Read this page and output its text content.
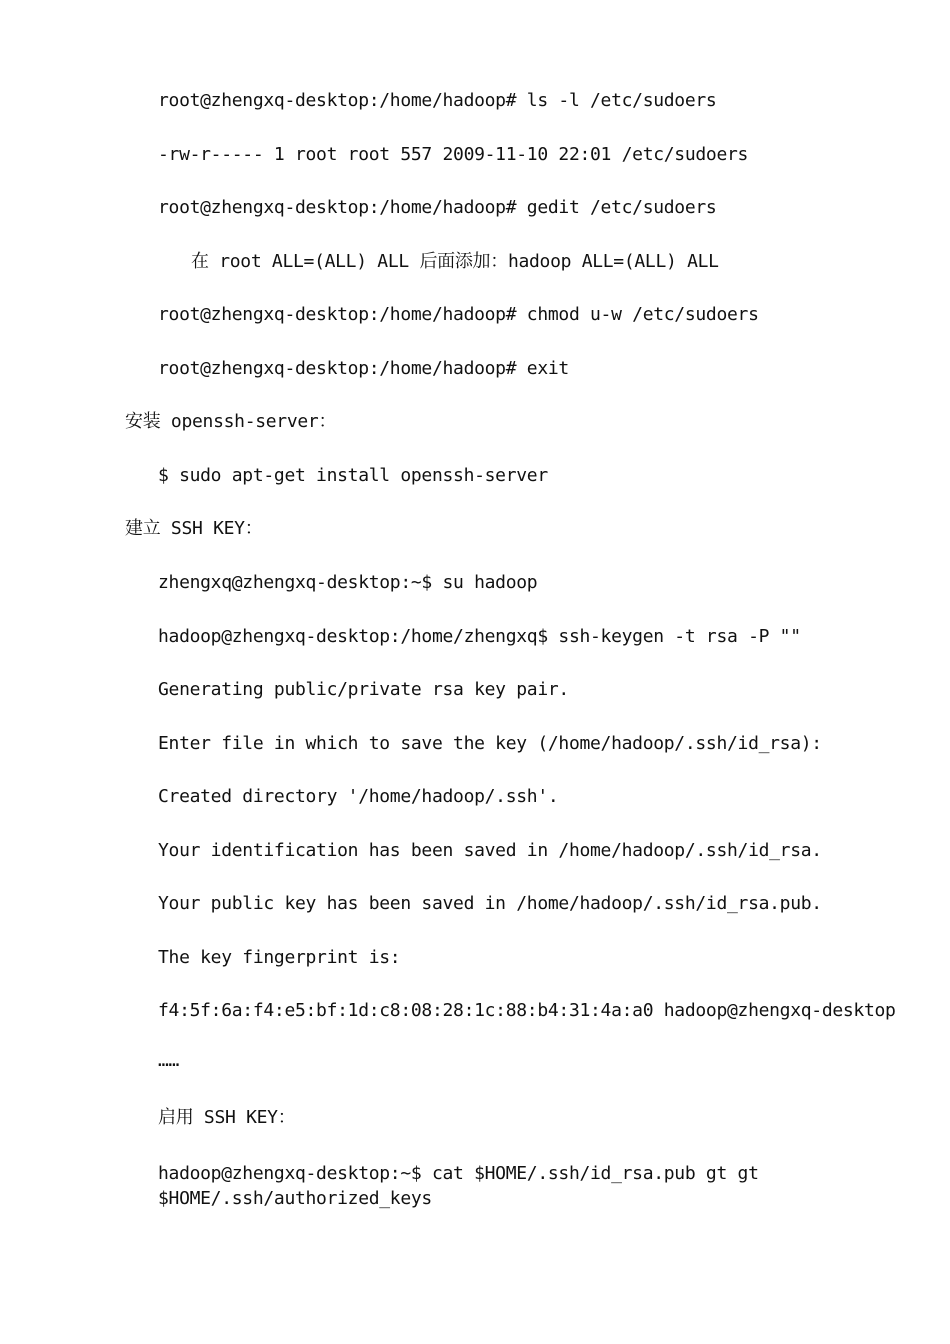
root@zhengxq-desktop:/home/hadoop# ls -l /etc/sudoers
-rw-r----- 1 root root 557 2009-11-10 22:01 /etc/sudoers
root@zhengxq-desktop:/home/hadoop# gedit /etc/sudoers
在 root ALL=(ALL) ALL 后面添加：hadoop ALL=(ALL) ALL
root@zhengxq-desktop:/home/hadoop# chmod u-w /etc/sudoers
root@zhengxq-desktop:/home/hadoop# exit
安装 openssh-server：
$ sudo apt-get install openssh-server
建立 SSH KEY：
zhengxq@zhengxq-desktop:~$ su hadoop
hadoop@zhengxq-desktop:/home/zhengxq$ ssh-keygen -t rsa -P ""
Generating public/private rsa key pair.
Enter file in which to save the key (/home/hadoop/.ssh/id_rsa):
Created directory '/home/hadoop/.ssh'.
Your identification has been saved in /home/hadoop/.ssh/id_rsa.
Your public key has been saved in /home/hadoop/.ssh/id_rsa.pub.
The key fingerprint is:
f4:5f:6a:f4:e5:bf:1d:c8:08:28:1c:88:b4:31:4a:a0 hadoop@zhengxq-desktop
……
启用 SSH KEY：
hadoop@zhengxq-desktop:~$ cat $HOME/.ssh/id_rsa.pub gt gt
$HOME/.ssh/authorized_keys
